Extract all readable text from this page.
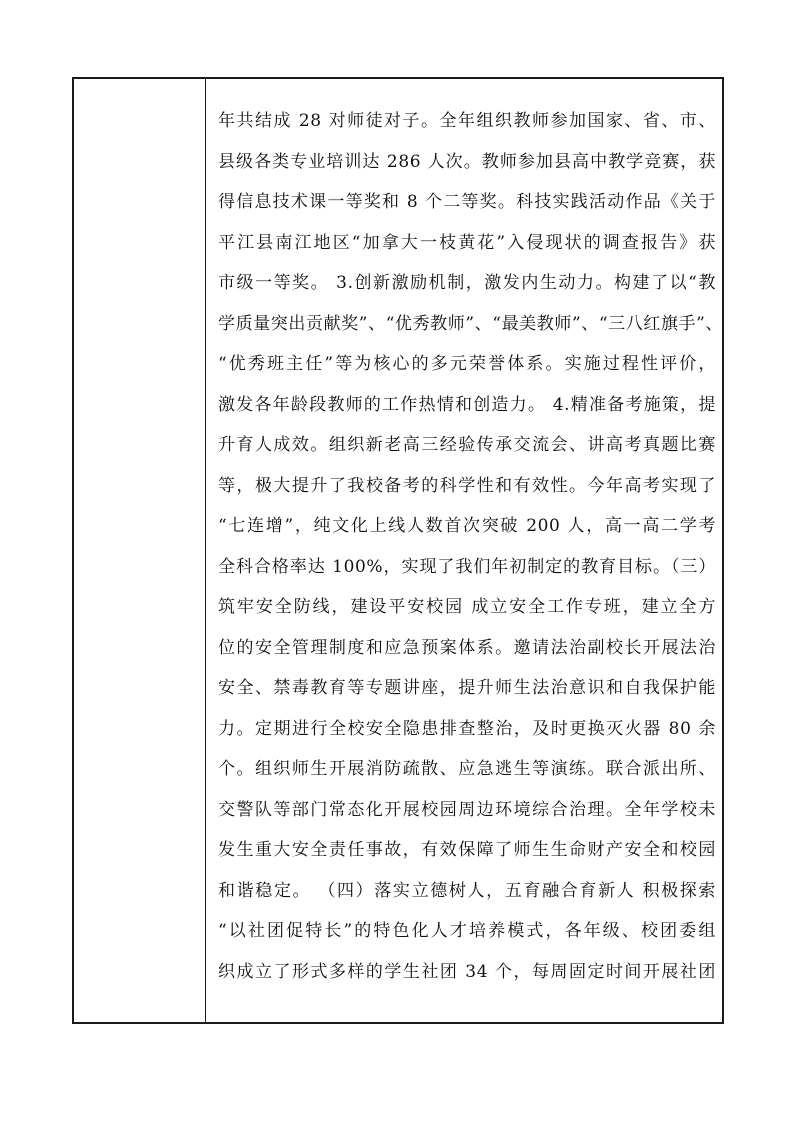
年共结成 28 对师徒对子。全年组织教师参加国家、省、市、
县级各类专业培训达 286 人次。教师参加县高中教学竞赛，获
得信息技术课一等奖和 8 个二等奖。科技实践活动作品《关于
平江县南江地区“加拿大一枝黄花”入侵现状的调查报告》获
市级一等奖。 3.创新激励机制，激发内生动力。构建了以“教
学质量突出贡献奖”、“优秀教师”、“最美教师”、“三八红旗手”、
“优秀班主任”等为核心的多元荣誉体系。实施过程性评价，
激发各年龄段教师的工作热情和创造力。 4.精准备考施策，提
升育人成效。组织新老高三经验传承交流会、讲高考真题比赛
等，极大提升了我校备考的科学性和有效性。今年高考实现了
“七连增”，纯文化上线人数首次突破 200 人，高一高二学考
全科合格率达 100%，实现了我们年初制定的教育目标。（三）
筑牢安全防线，建设平安校园 成立安全工作专班，建立全方
位的安全管理制度和应急预案体系。邀请法治副校长开展法治
安全、禁毒教育等专题讲座，提升师生法治意识和自我保护能
力。定期进行全校安全隐患排查整治，及时更换灭火器 80 余
个。组织师生开展消防疏散、应急逃生等演练。联合派出所、
交警队等部门常态化开展校园周边环境综合治理。全年学校未
发生重大安全责任事故，有效保障了师生生命财产安全和校园
和谐稳定。 （四）落实立德树人，五育融合育新人 积极探索
“以社团促特长”的特色化人才培养模式，各年级、校团委组
织成立了形式多样的学生社团 34 个，每周固定时间开展社团
